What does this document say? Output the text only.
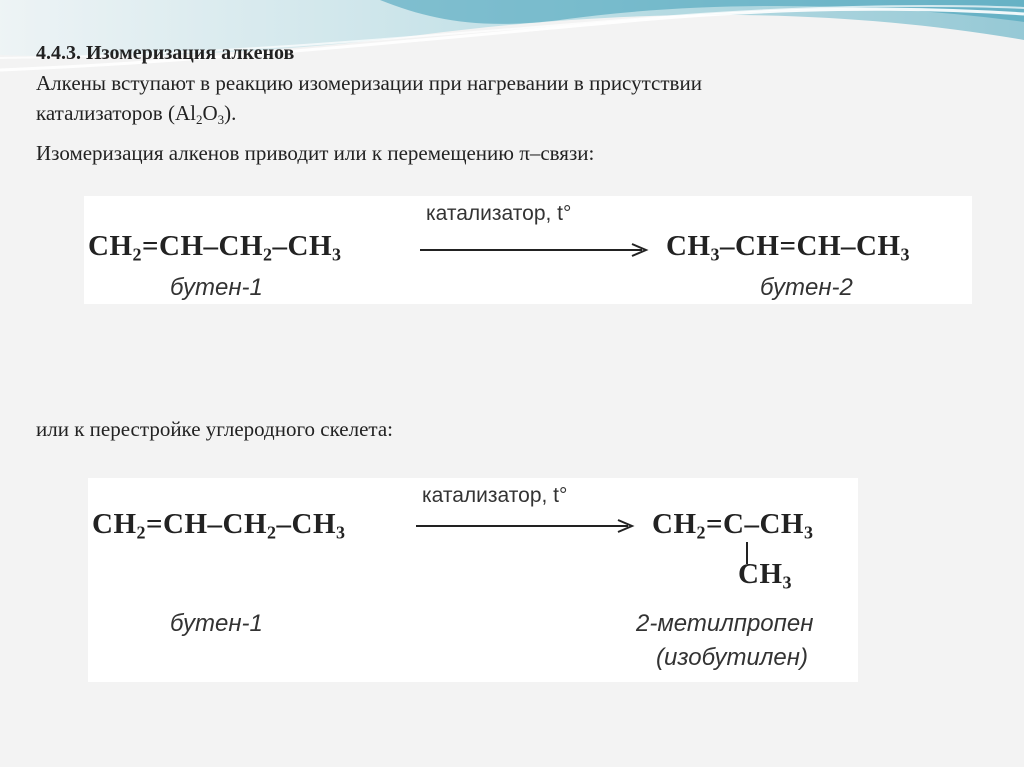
4.4.3. Изомеризация алкенов
Алкены вступают в реакцию изомеризации при нагревании в присутствии
катализаторов $(Al_2O_3)$.
Изомеризация алкенов приводит или к перемещению π–связи:
$CH_2=CH-CH_2-CH_3$
бутен-1
катализатор, t°
$CH_3-CH=CH-CH_3$
бутен-2
или к перестройке углеродного скелета:
$CH_2=CH-CH_2-CH_3$
бутен-1
катализатор, t°
$CH_2=C-CH_3$
$CH_3$
2-метилпропен
(изобутилен)
